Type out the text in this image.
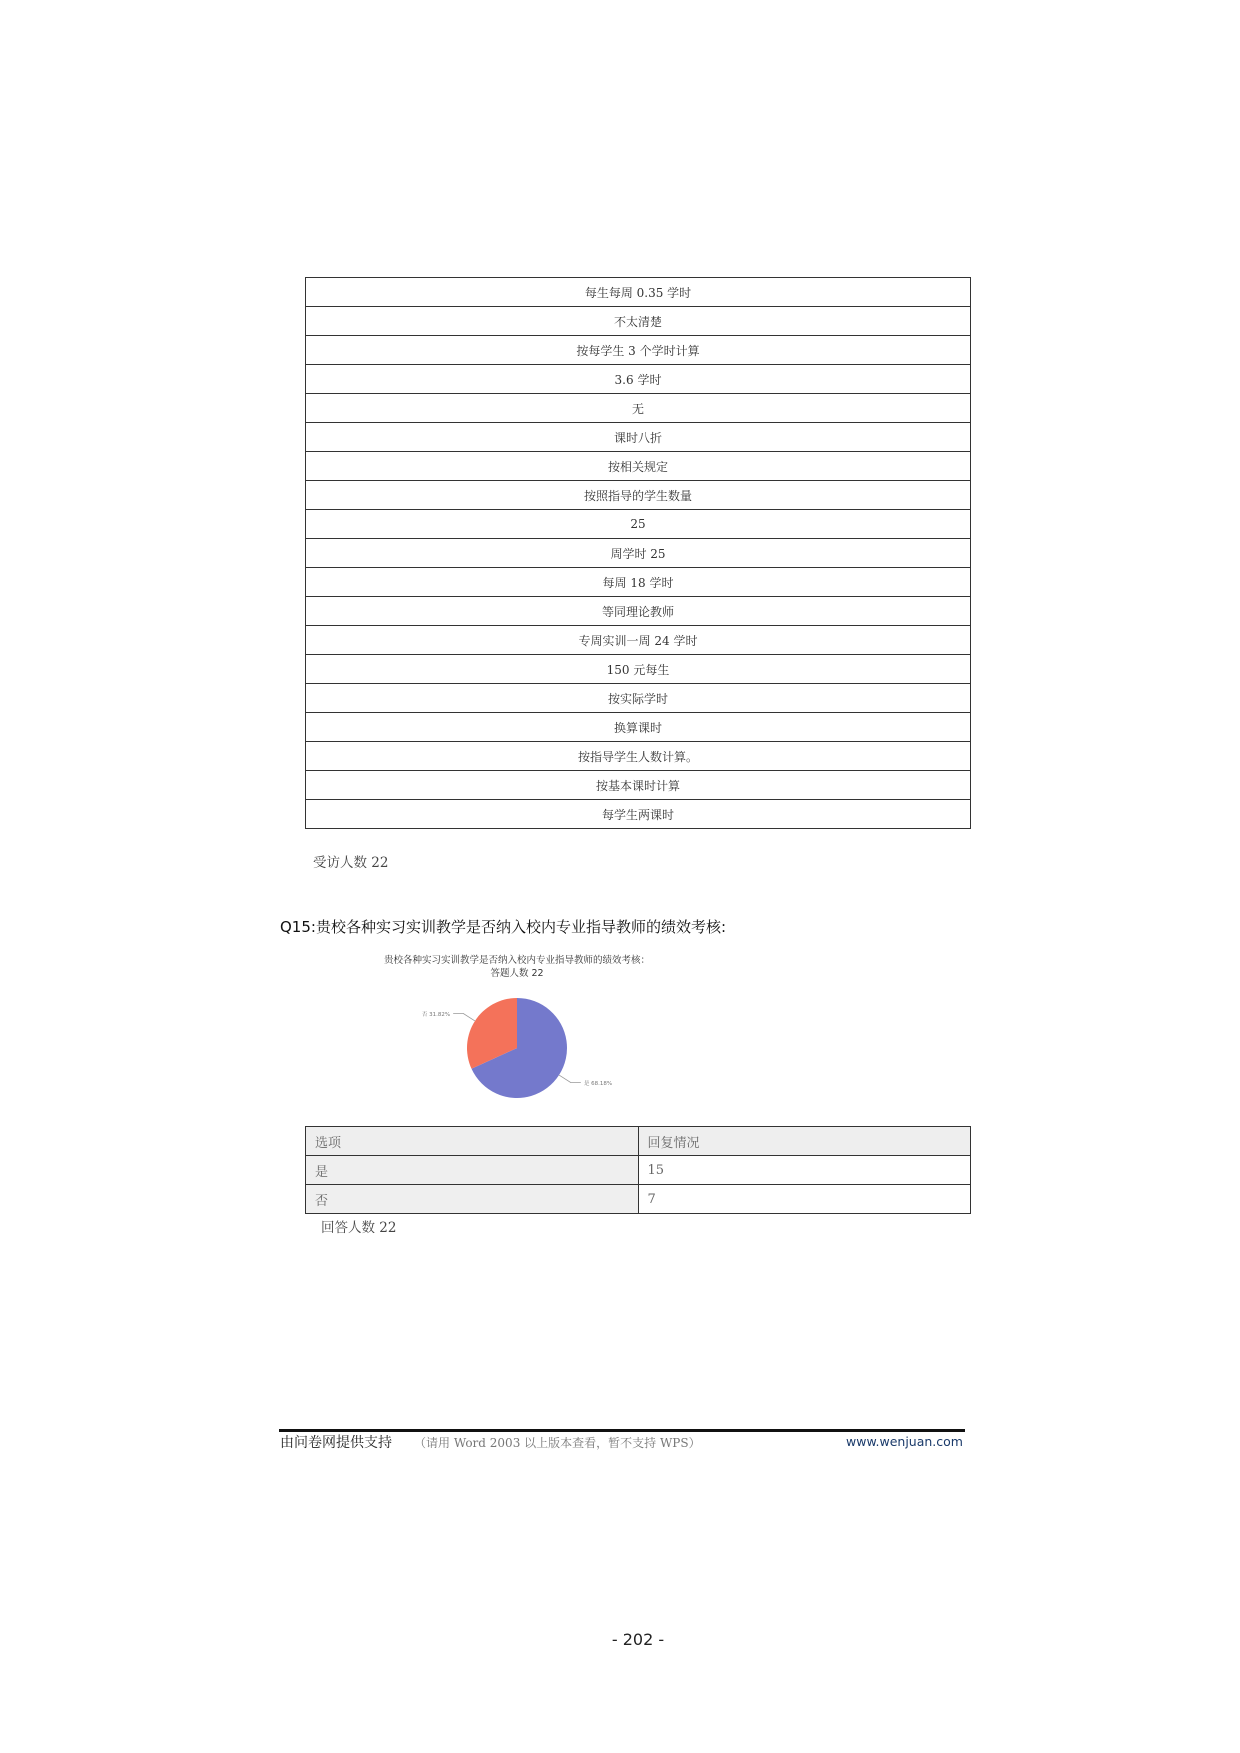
每生每周 0.35 学时
不太清楚
按每学生 3 个学时计算
3.6 学时
无
课时八折
按相关规定
按照指导的学生数量
25
周学时 25
每周 18 学时
等同理论教师
专周实训一周 24 学时
150 元每生
按实际学时
换算课时
按指导学生人数计算。
按基本课时计算
每学生两课时
受访人数 22
Q15:贵校各种实习实训教学是否纳入校内专业指导教师的绩效考核:
贵校各种实习实训教学是否纳入校内专业指导教师的绩效考核：
答题人数 22
是 68.18%
否 31.82%
选项	回复情况
是	15
否	7
回答人数 22
由问卷网提供支持 （请用 Word 2003 以上版本查看，暂不支持 WPS）	www.wenjuan.com
- 202 -
